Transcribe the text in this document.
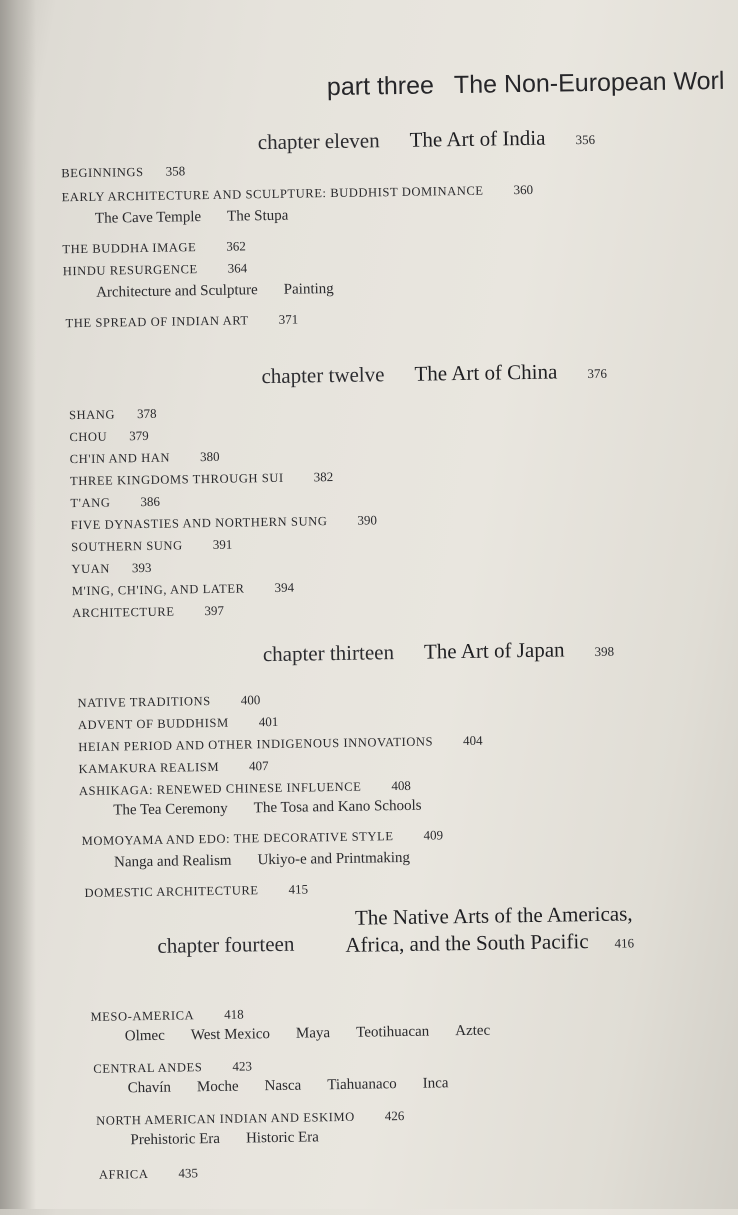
part three The Non-European Worl
chapter eleven The Art of India 356
BEGINNINGS 358
EARLY ARCHITECTURE AND SCULPTURE: BUDDHIST DOMINANCE 360
The Cave Temple The Stupa
THE BUDDHA IMAGE 362
HINDU RESURGENCE 364
Architecture and Sculpture Painting
THE SPREAD OF INDIAN ART 371
chapter twelve The Art of China 376
SHANG 378
CHOU 379
CH'IN AND HAN 380
THREE KINGDOMS THROUGH SUI 382
T'ANG 386
FIVE DYNASTIES AND NORTHERN SUNG 390
SOUTHERN SUNG 391
YUAN 393
M'ING, CH'ING, AND LATER 394
ARCHITECTURE 397
chapter thirteen The Art of Japan 398
NATIVE TRADITIONS 400
ADVENT OF BUDDHISM 401
HEIAN PERIOD AND OTHER INDIGENOUS INNOVATIONS 404
KAMAKURA REALISM 407
ASHIKAGA: RENEWED CHINESE INFLUENCE 408
The Tea Ceremony The Tosa and Kano Schools
MOMOYAMA AND EDO: THE DECORATIVE STYLE 409
Nanga and Realism Ukiyo-e and Printmaking
DOMESTIC ARCHITECTURE 415
chapter fourteen
The Native Arts of the Americas,
Africa, and the South Pacific 416
MESO-AMERICA 418
Olmec West Mexico Maya Teotihuacan Aztec
CENTRAL ANDES 423
Chavín Moche Nasca Tiahuanaco Inca
NORTH AMERICAN INDIAN AND ESKIMO 426
Prehistoric Era Historic Era
AFRICA 435
